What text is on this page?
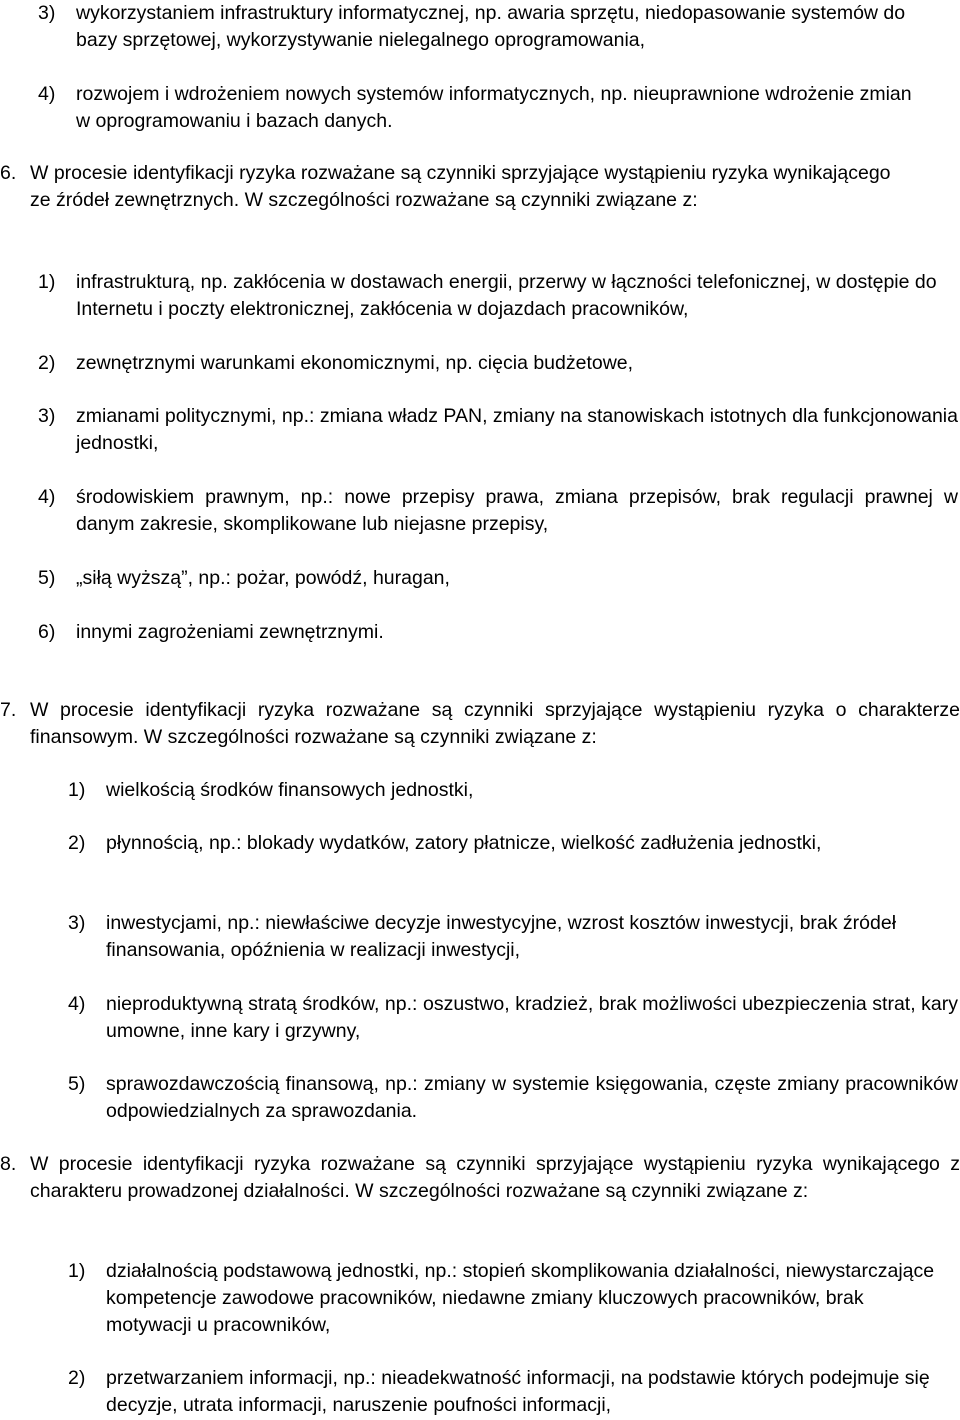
3)	wykorzystaniem infrastruktury informatycznej, np. awaria sprzętu, niedopasowanie systemów do bazy sprzętowej, wykorzystywanie nielegalnego oprogramowania,
4)	rozwojem i wdrożeniem nowych systemów informatycznych, np. nieuprawnione wdrożenie zmian w oprogramowaniu i bazach danych.
6. W procesie identyfikacji ryzyka rozważane są czynniki sprzyjające wystąpieniu ryzyka wynikającego ze źródeł zewnętrznych. W szczególności rozważane są czynniki związane z:
1)	infrastrukturą, np. zakłócenia w dostawach energii, przerwy w łączności telefonicznej, w dostępie do Internetu i poczty elektronicznej, zakłócenia w dojazdach pracowników,
2)	zewnętrznymi warunkami ekonomicznymi, np. cięcia budżetowe,
3)	zmianami politycznymi, np.: zmiana władz PAN, zmiany na stanowiskach istotnych dla funkcjonowania jednostki,
4)	środowiskiem prawnym, np.: nowe przepisy prawa, zmiana przepisów, brak regulacji prawnej w danym zakresie, skomplikowane lub niejasne przepisy,
5)	„siłą wyższą”, np.: pożar, powódź, huragan,
6)	innymi zagrożeniami zewnętrznymi.
7. W procesie identyfikacji ryzyka rozważane są czynniki sprzyjające wystąpieniu ryzyka o charakterze finansowym. W szczególności rozważane są czynniki związane z:
1)	wielkością środków finansowych jednostki,
2)	płynnością, np.: blokady wydatków, zatory płatnicze, wielkość zadłużenia jednostki,
3)	inwestycjami, np.: niewłaściwe decyzje inwestycyjne, wzrost kosztów inwestycji, brak źródeł finansowania, opóźnienia w realizacji inwestycji,
4)	nieproduktywną stratą środków, np.: oszustwo, kradzież, brak możliwości ubezpieczenia strat, kary umowne, inne kary i grzywny,
5)	sprawozdawczością finansową, np.: zmiany w systemie księgowania, częste zmiany pracowników odpowiedzialnych za sprawozdania.
8. W procesie identyfikacji ryzyka rozważane są czynniki sprzyjające wystąpieniu ryzyka wynikającego z charakteru prowadzonej działalności. W szczególności rozważane są czynniki związane z:
1)	działalnością podstawową jednostki, np.: stopień skomplikowania działalności, niewystarczające kompetencje zawodowe pracowników, niedawne zmiany kluczowych pracowników, brak motywacji u pracowników,
2)	przetwarzaniem informacji, np.: nieadekwatność informacji, na podstawie których podejmuje się decyzje, utrata informacji, naruszenie poufności informacji,
